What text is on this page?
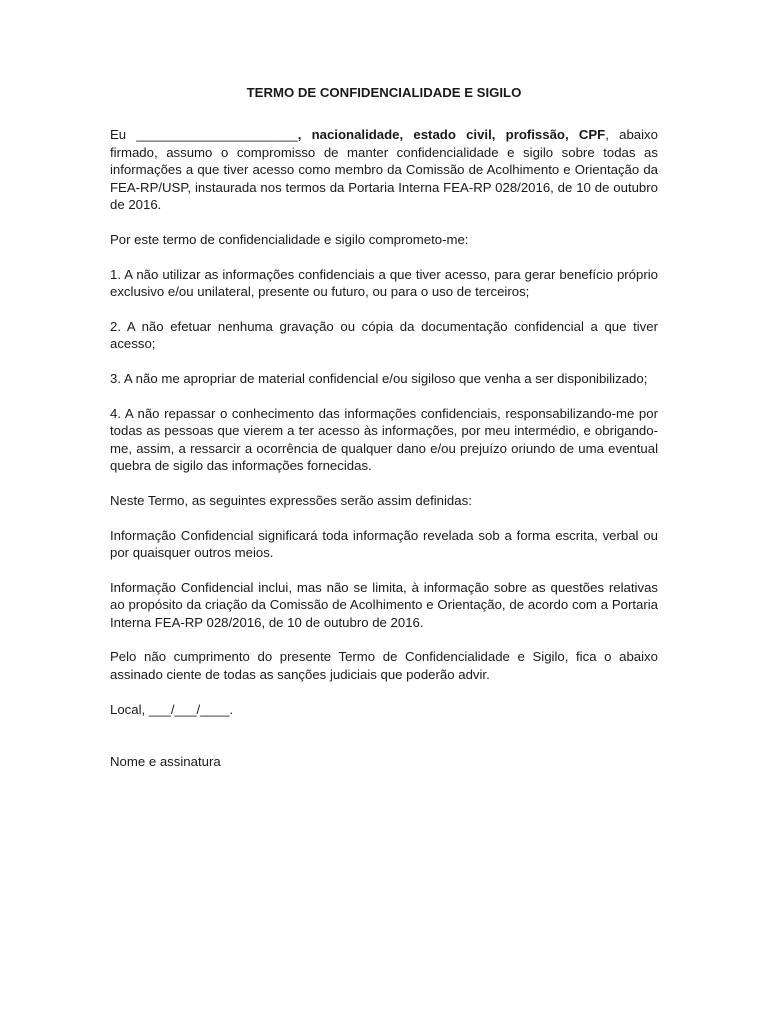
TERMO DE CONFIDENCIALIDADE E SIGILO

Eu ______________________, nacionalidade, estado civil, profissão, CPF, abaixo firmado, assumo o compromisso de manter confidencialidade e sigilo sobre todas as informações a que tiver acesso como membro da Comissão de Acolhimento e Orientação da FEA-RP/USP, instaurada nos termos da Portaria Interna FEA-RP 028/2016, de 10 de outubro de 2016.

Por este termo de confidencialidade e sigilo comprometo-me:

1. A não utilizar as informações confidenciais a que tiver acesso, para gerar benefício próprio exclusivo e/ou unilateral, presente ou futuro, ou para o uso de terceiros;

2. A não efetuar nenhuma gravação ou cópia da documentação confidencial a que tiver acesso;

3. A não me apropriar de material confidencial e/ou sigiloso que venha a ser disponibilizado;

4. A não repassar o conhecimento das informações confidenciais, responsabilizando-me por todas as pessoas que vierem a ter acesso às informações, por meu intermédio, e obrigando-me, assim, a ressarcir a ocorrência de qualquer dano e/ou prejuízo oriundo de uma eventual quebra de sigilo das informações fornecidas.

Neste Termo, as seguintes expressões serão assim definidas:

Informação Confidencial significará toda informação revelada sob a forma escrita, verbal ou por quaisquer outros meios.

Informação Confidencial inclui, mas não se limita, à informação sobre as questões relativas ao propósito da criação da Comissão de Acolhimento e Orientação, de acordo com a Portaria Interna FEA-RP 028/2016, de 10 de outubro de 2016.

Pelo não cumprimento do presente Termo de Confidencialidade e Sigilo, fica o abaixo assinado ciente de todas as sanções judiciais que poderão advir.

Local, ___/___/____.

Nome e assinatura
